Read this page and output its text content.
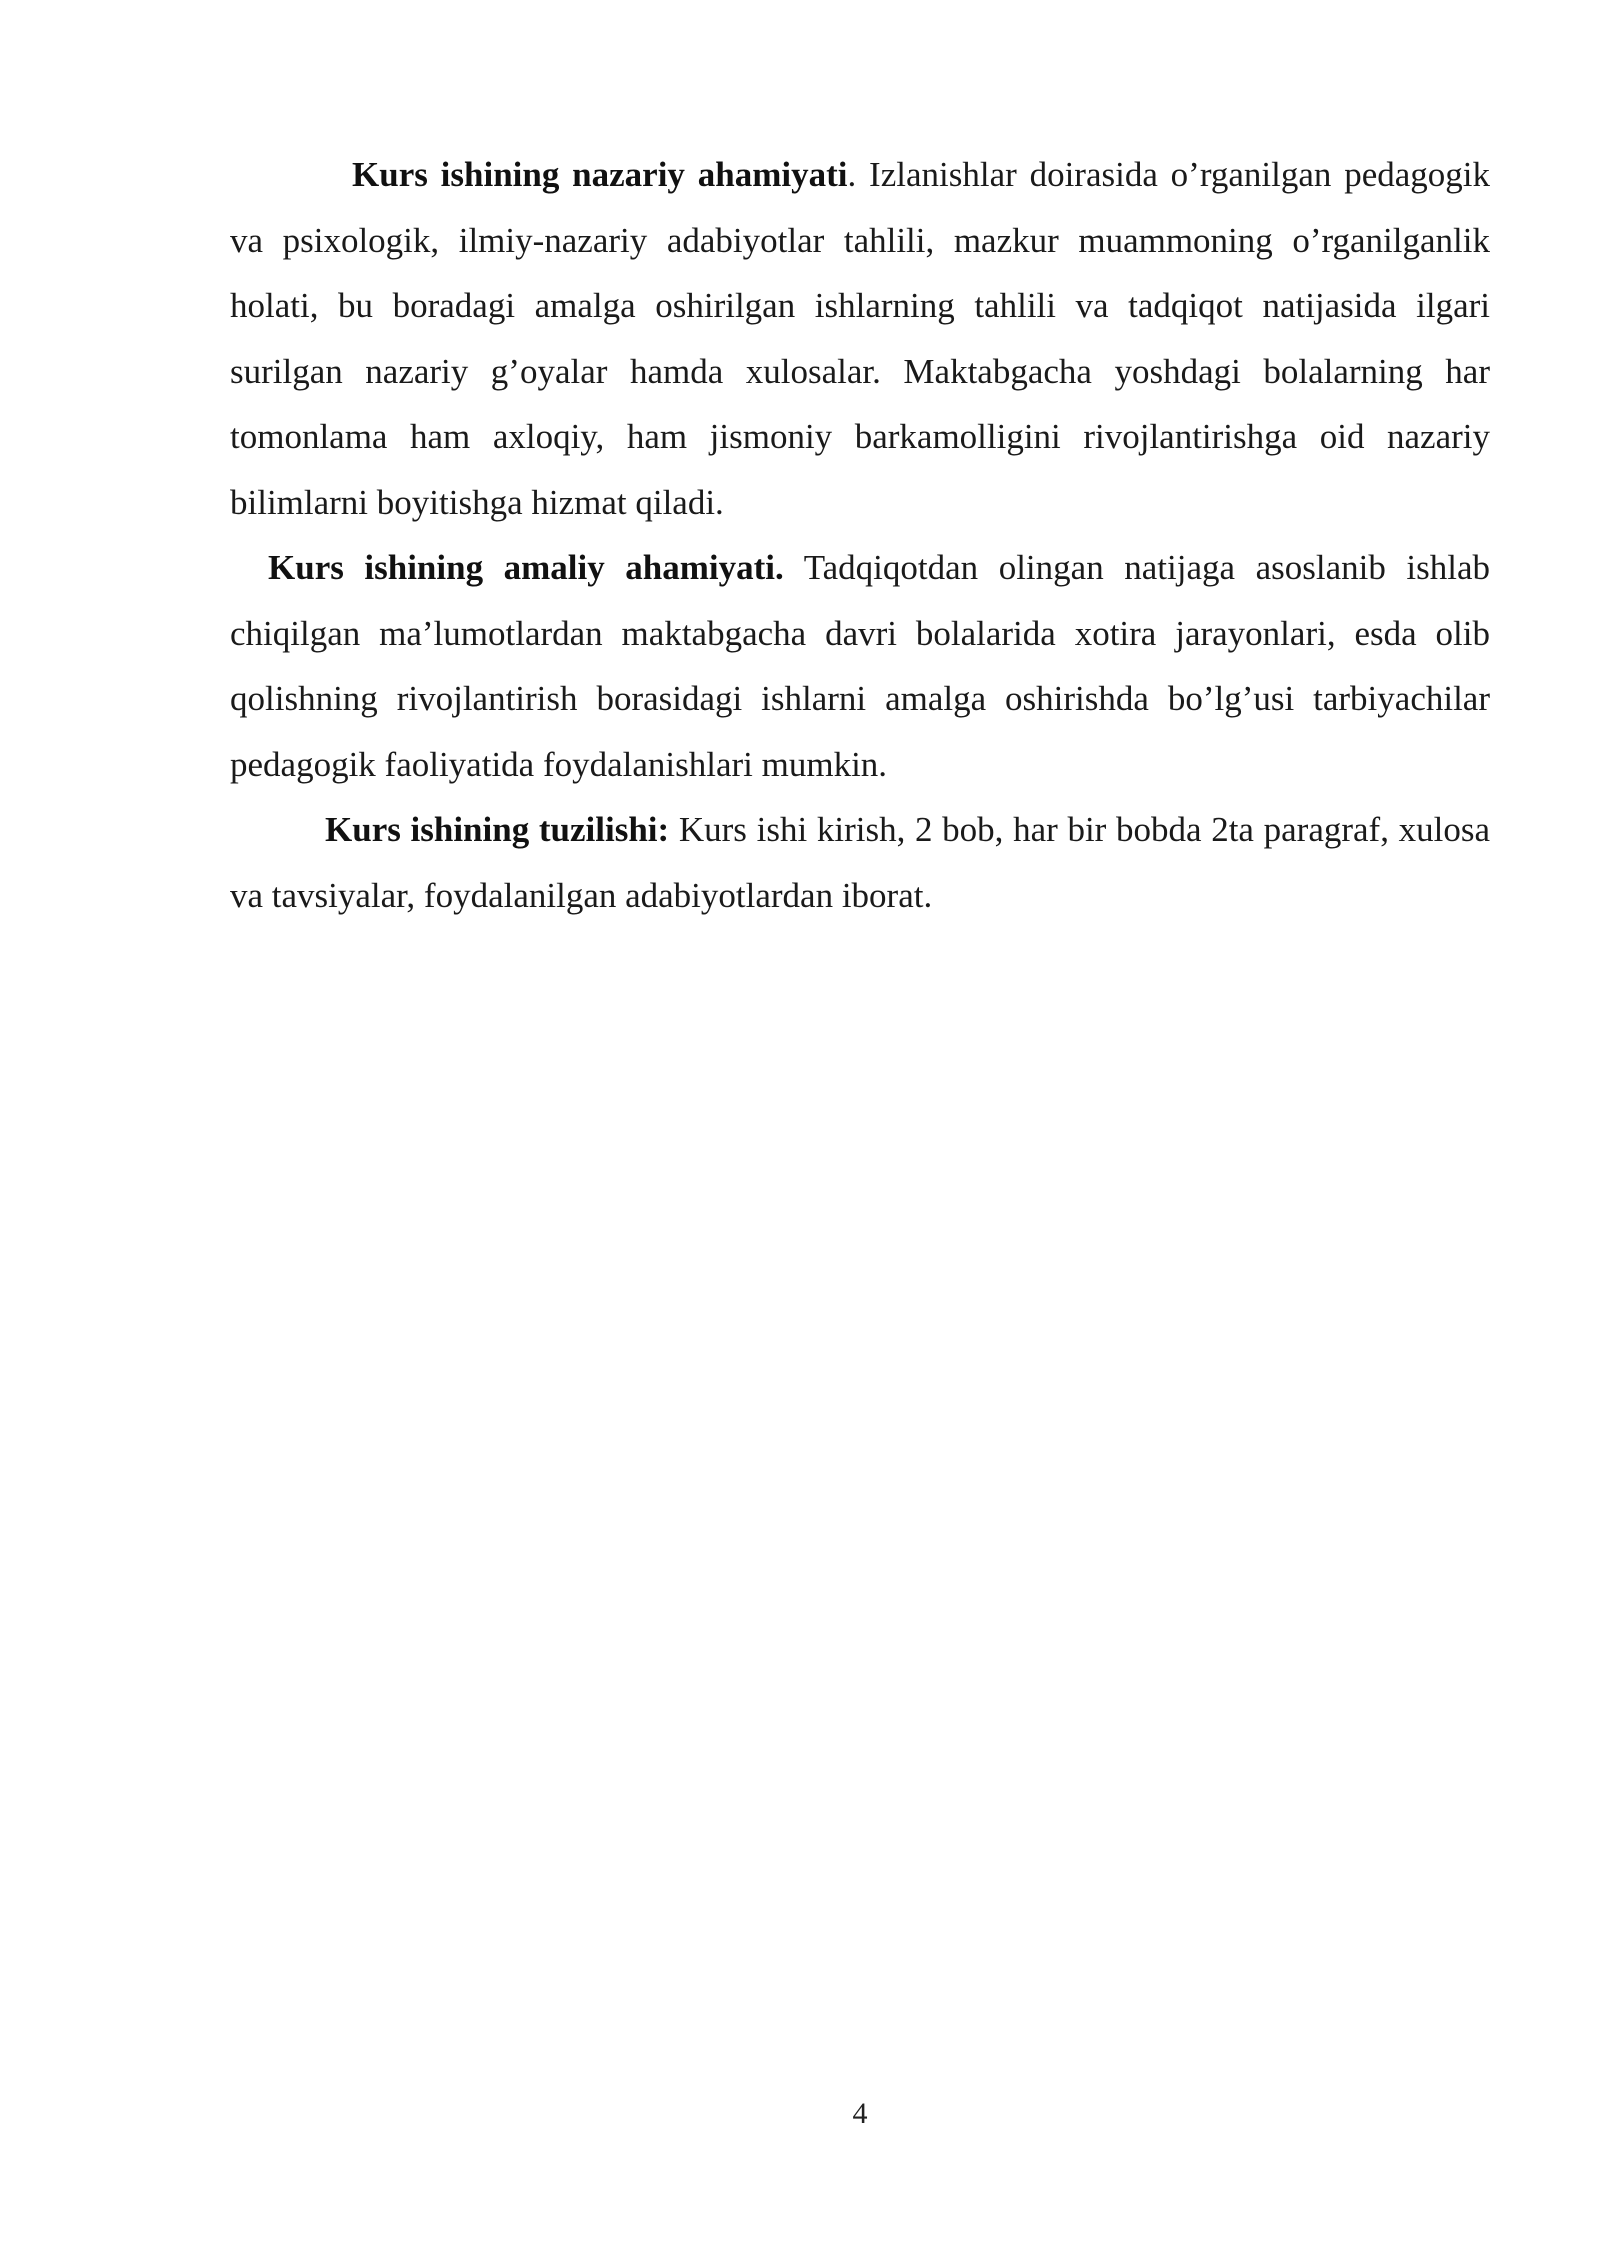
Kurs ishining nazariy ahamiyati. Izlanishlar doirasida o’rganilgan pedagogik va psixologik, ilmiy-nazariy adabiyotlar tahlili, mazkur muammoning o’rganilganlik holati, bu boradagi amalga oshirilgan ishlarning tahlili va tadqiqot natijasida ilgari surilgan nazariy g’oyalar hamda xulosalar. Maktabgacha yoshdagi bolalarning har tomonlama ham axloqiy, ham jismoniy barkamolligini rivojlantirishga oid nazariy bilimlarni boyitishga hizmat qiladi.

Kurs ishining amaliy ahamiyati. Tadqiqotdan olingan natijaga asoslanib ishlab chiqilgan ma’lumotlardan maktabgacha davri bolalarida xotira jarayonlari, esda olib qolishning rivojlantirish borasidagi ishlarni amalga oshirishda bo’lg’usi tarbiyachilar pedagogik faoliyatida foydalanishlari mumkin.

Kurs ishining tuzilishi: Kurs ishi kirish, 2 bob, har bir bobda 2ta paragraf, xulosa va tavsiyalar, foydalanilgan adabiyotlardan iborat.

4
